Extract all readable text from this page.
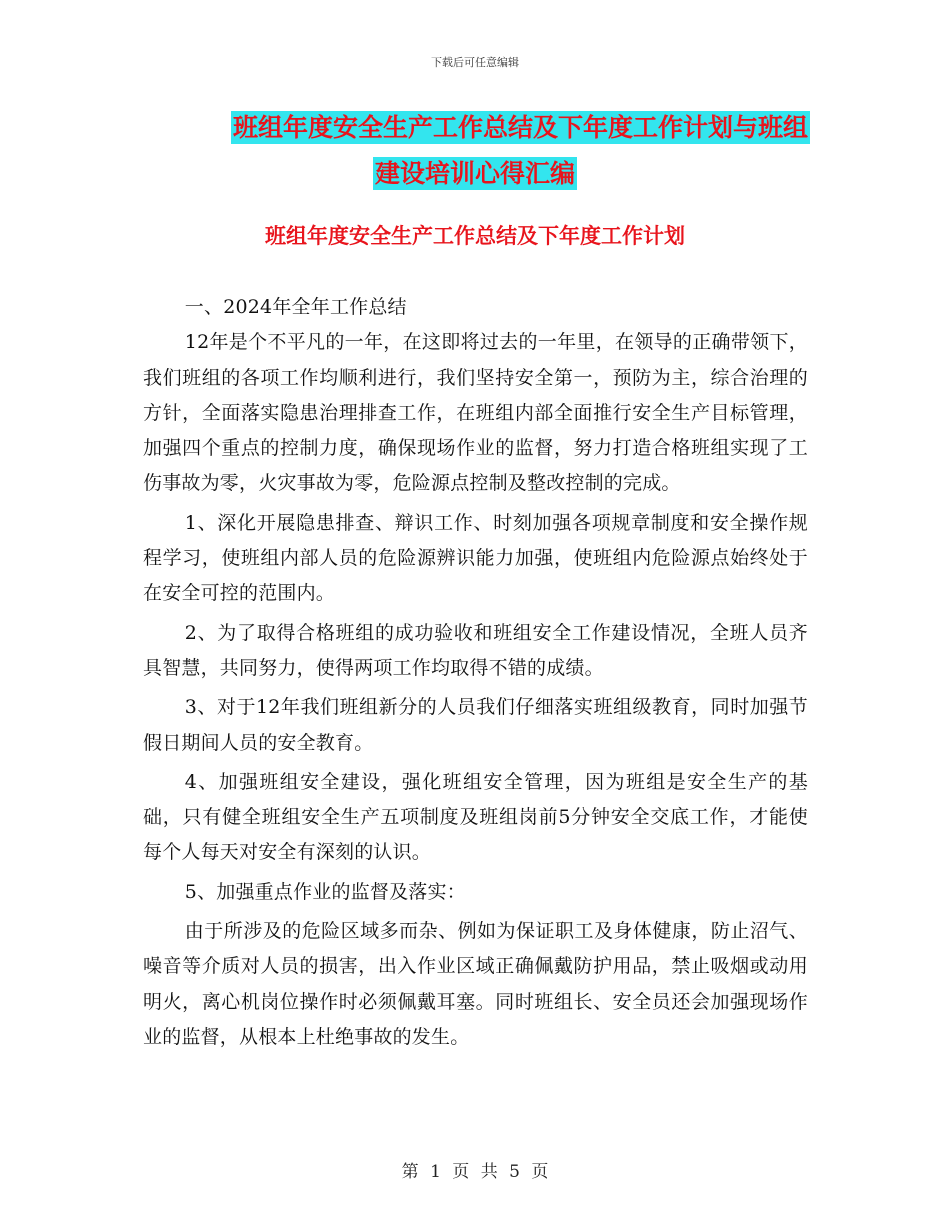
下载后可任意编辑
班组年度安全生产工作总结及下年度工作计划与班组
建设培训心得汇编
班组年度安全生产工作总结及下年度工作计划

一、2024年全年工作总结

12年是个不平凡的一年，在这即将过去的一年里，在领导的正确带领下，我们班组的各项工作均顺利进行，我们坚持安全第一，预防为主，综合治理的方针，全面落实隐患治理排查工作，在班组内部全面推行安全生产目标管理，加强四个重点的控制力度，确保现场作业的监督，努力打造合格班组实现了工伤事故为零，火灾事故为零，危险源点控制及整改控制的完成。

1、深化开展隐患排查、辩识工作、时刻加强各项规章制度和安全操作规程学习，使班组内部人员的危险源辨识能力加强，使班组内危险源点始终处于在安全可控的范围内。

2、为了取得合格班组的成功验收和班组安全工作建设情况，全班人员齐具智慧，共同努力，使得两项工作均取得不错的成绩。

3、对于12年我们班组新分的人员我们仔细落实班组级教育，同时加强节假日期间人员的安全教育。

4、加强班组安全建设，强化班组安全管理，因为班组是安全生产的基础，只有健全班组安全生产五项制度及班组岗前5分钟安全交底工作，才能使每个人每天对安全有深刻的认识。

5、加强重点作业的监督及落实：

由于所涉及的危险区域多而杂、例如为保证职工及身体健康，防止沼气、噪音等介质对人员的损害，出入作业区域正确佩戴防护用品，禁止吸烟或动用明火，离心机岗位操作时必须佩戴耳塞。同时班组长、安全员还会加强现场作业的监督，从根本上杜绝事故的发生。

第 1 页 共 5 页
